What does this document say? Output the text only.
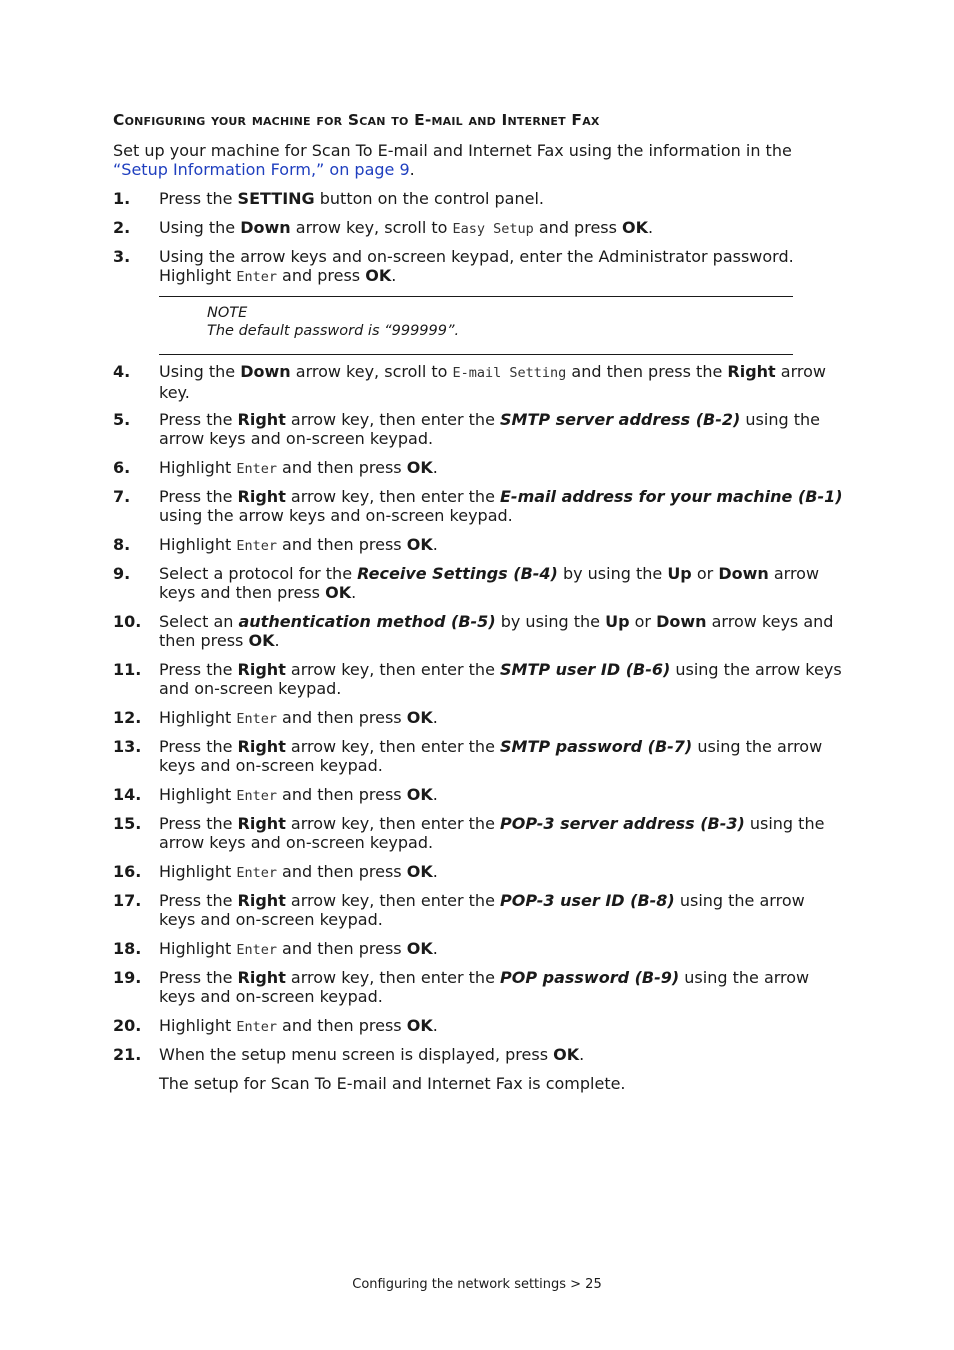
Configuring your machine for Scan to E-mail and Internet Fax
Set up your machine for Scan To E-mail and Internet Fax using the information in the
“Setup Information Form,” on page 9.
NOTE
The default password is “999999”.
1.	Press the SETTING button on the control panel.
2.	Using the Down arrow key, scroll to Easy Setup and press OK.
3.	Using the arrow keys and on-screen keypad, enter the Administrator password. Highlight Enter and press OK.
4.	Using the Down arrow key, scroll to E-mail Setting and then press the Right arrow key.
5.	Press the Right arrow key, then enter the SMTP server address (B-2) using the arrow keys and on-screen keypad.
6.	Highlight Enter and then press OK.
7.	Press the Right arrow key, then enter the E-mail address for your machine (B-1) using the arrow keys and on-screen keypad.
8.	Highlight Enter and then press OK.
9.	Select a protocol for the Receive Settings (B-4) by using the Up or Down arrow keys and then press OK.
10.	Select an authentication method (B-5) by using the Up or Down arrow keys and then press OK.
11.	Press the Right arrow key, then enter the SMTP user ID (B-6) using the arrow keys and on-screen keypad.
12.	Highlight Enter and then press OK.
13.	Press the Right arrow key, then enter the SMTP password (B-7) using the arrow keys and on-screen keypad.
14.	Highlight Enter and then press OK.
15.	Press the Right arrow key, then enter the POP-3 server address (B-3) using the arrow keys and on-screen keypad.
16.	Highlight Enter and then press OK.
17.	Press the Right arrow key, then enter the POP-3 user ID (B-8) using the arrow keys and on-screen keypad.
18.	Highlight Enter and then press OK.
19.	Press the Right arrow key, then enter the POP password (B-9) using the arrow keys and on-screen keypad.
20.	Highlight Enter and then press OK.
21.	When the setup menu screen is displayed, press OK.
The setup for Scan To E-mail and Internet Fax is complete.
Configuring the network settings > 25
